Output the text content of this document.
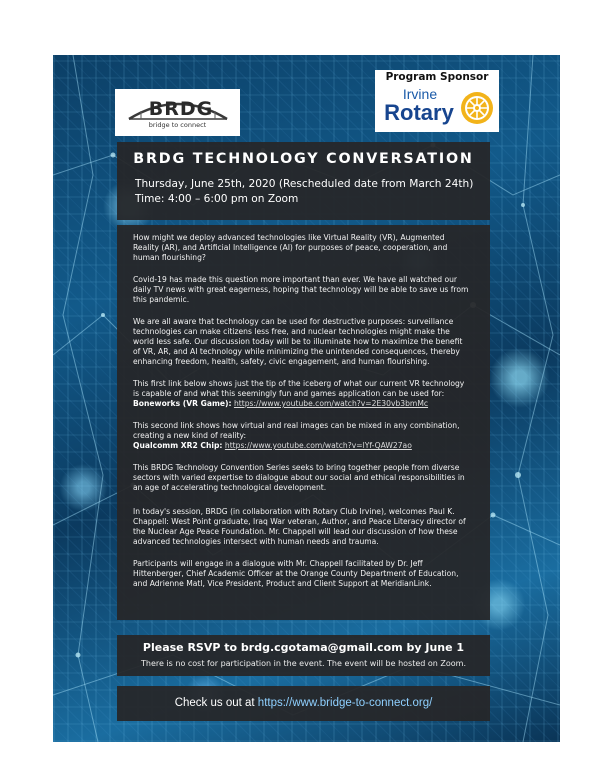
BRDG
bridge to connect
Program Sponsor
Irvine
Rotary
BRDG TECHNOLOGY CONVERSATION
Thursday, June 25th, 2020 (Rescheduled date from March 24th)
Time: 4:00 – 6:00 pm on Zoom

How might we deploy advanced technologies like Virtual Reality (VR), Augmented
Reality (AR), and Artificial Intelligence (AI) for purposes of peace, cooperation, and
human flourishing?

Covid-19 has made this question more important than ever. We have all watched our
daily TV news with great eagerness, hoping that technology will be able to save us from
this pandemic.

We are all aware that technology can be used for destructive purposes: surveillance
technologies can make citizens less free, and nuclear technologies might make the
world less safe. Our discussion today will be to illuminate how to maximize the benefit
of VR, AR, and AI technology while minimizing the unintended consequences, thereby
enhancing freedom, health, safety, civic engagement, and human flourishing.

This first link below shows just the tip of the iceberg of what our current VR technology
is capable of and what this seemingly fun and games application can be used for:
Boneworks (VR Game): https://www.youtube.com/watch?v=2E30vb3bmMc

This second link shows how virtual and real images can be mixed in any combination,
creating a new kind of reality:
Qualcomm XR2 Chip: https://www.youtube.com/watch?v=lYf-QAW27ao

This BRDG Technology Convention Series seeks to bring together people from diverse
sectors with varied expertise to dialogue about our social and ethical responsibilities in
an age of accelerating technological development.

In today's session, BRDG (in collaboration with Rotary Club Irvine), welcomes Paul K.
Chappell: West Point graduate, Iraq War veteran, Author, and Peace Literacy director of
the Nuclear Age Peace Foundation. Mr. Chappell will lead our discussion of how these
advanced technologies intersect with human needs and trauma.

Participants will engage in a dialogue with Mr. Chappell facilitated by Dr. Jeff
Hittenberger, Chief Academic Officer at the Orange County Department of Education,
and Adrienne Matl, Vice President, Product and Client Support at MeridianLink.

Please RSVP to brdg.cgotama@gmail.com by June 1
There is no cost for participation in the event. The event will be hosted on Zoom.
Check us out at https://www.bridge-to-connect.org/
